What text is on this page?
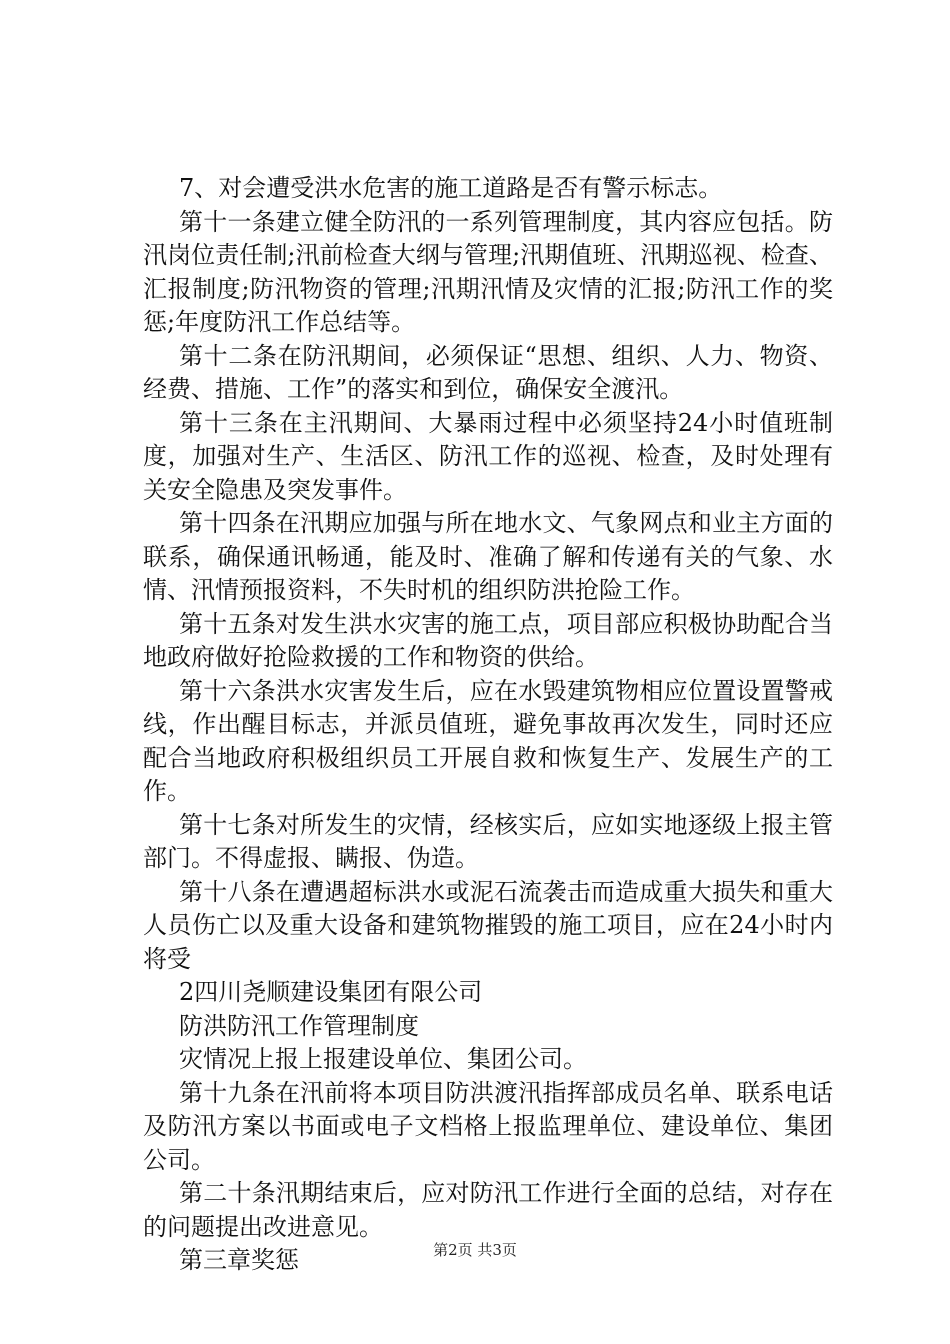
7、对会遭受洪水危害的施工道路是否有警示标志。

第十一条建立健全防汛的一系列管理制度，其内容应包括。防汛岗位责任制;汛前检查大纲与管理;汛期值班、汛期巡视、检查、汇报制度;防汛物资的管理;汛期汛情及灾情的汇报;防汛工作的奖惩;年度防汛工作总结等。

第十二条在防汛期间，必须保证“思想、组织、人力、物资、经费、措施、工作”的落实和到位，确保安全渡汛。

第十三条在主汛期间、大暴雨过程中必须坚持24小时值班制度，加强对生产、生活区、防汛工作的巡视、检查，及时处理有关安全隐患及突发事件。

第十四条在汛期应加强与所在地水文、气象网点和业主方面的联系，确保通讯畅通，能及时、准确了解和传递有关的气象、水情、汛情预报资料，不失时机的组织防洪抢险工作。

第十五条对发生洪水灾害的施工点，项目部应积极协助配合当地政府做好抢险救援的工作和物资的供给。

第十六条洪水灾害发生后，应在水毁建筑物相应位置设置警戒线，作出醒目标志，并派员值班，避免事故再次发生，同时还应配合当地政府积极组织员工开展自救和恢复生产、发展生产的工作。

第十七条对所发生的灾情，经核实后，应如实地逐级上报主管部门。不得虚报、瞒报、伪造。

第十八条在遭遇超标洪水或泥石流袭击而造成重大损失和重大人员伤亡以及重大设备和建筑物摧毁的施工项目，应在24小时内将受

2四川尧顺建设集团有限公司

防洪防汛工作管理制度

灾情况上报上报建设单位、集团公司。

第十九条在汛前将本项目防洪渡汛指挥部成员名单、联系电话及防汛方案以书面或电子文档格上报监理单位、建设单位、集团公司。

第二十条汛期结束后，应对防汛工作进行全面的总结，对存在的问题提出改进意见。

第三章奖惩	第2页 共3页
